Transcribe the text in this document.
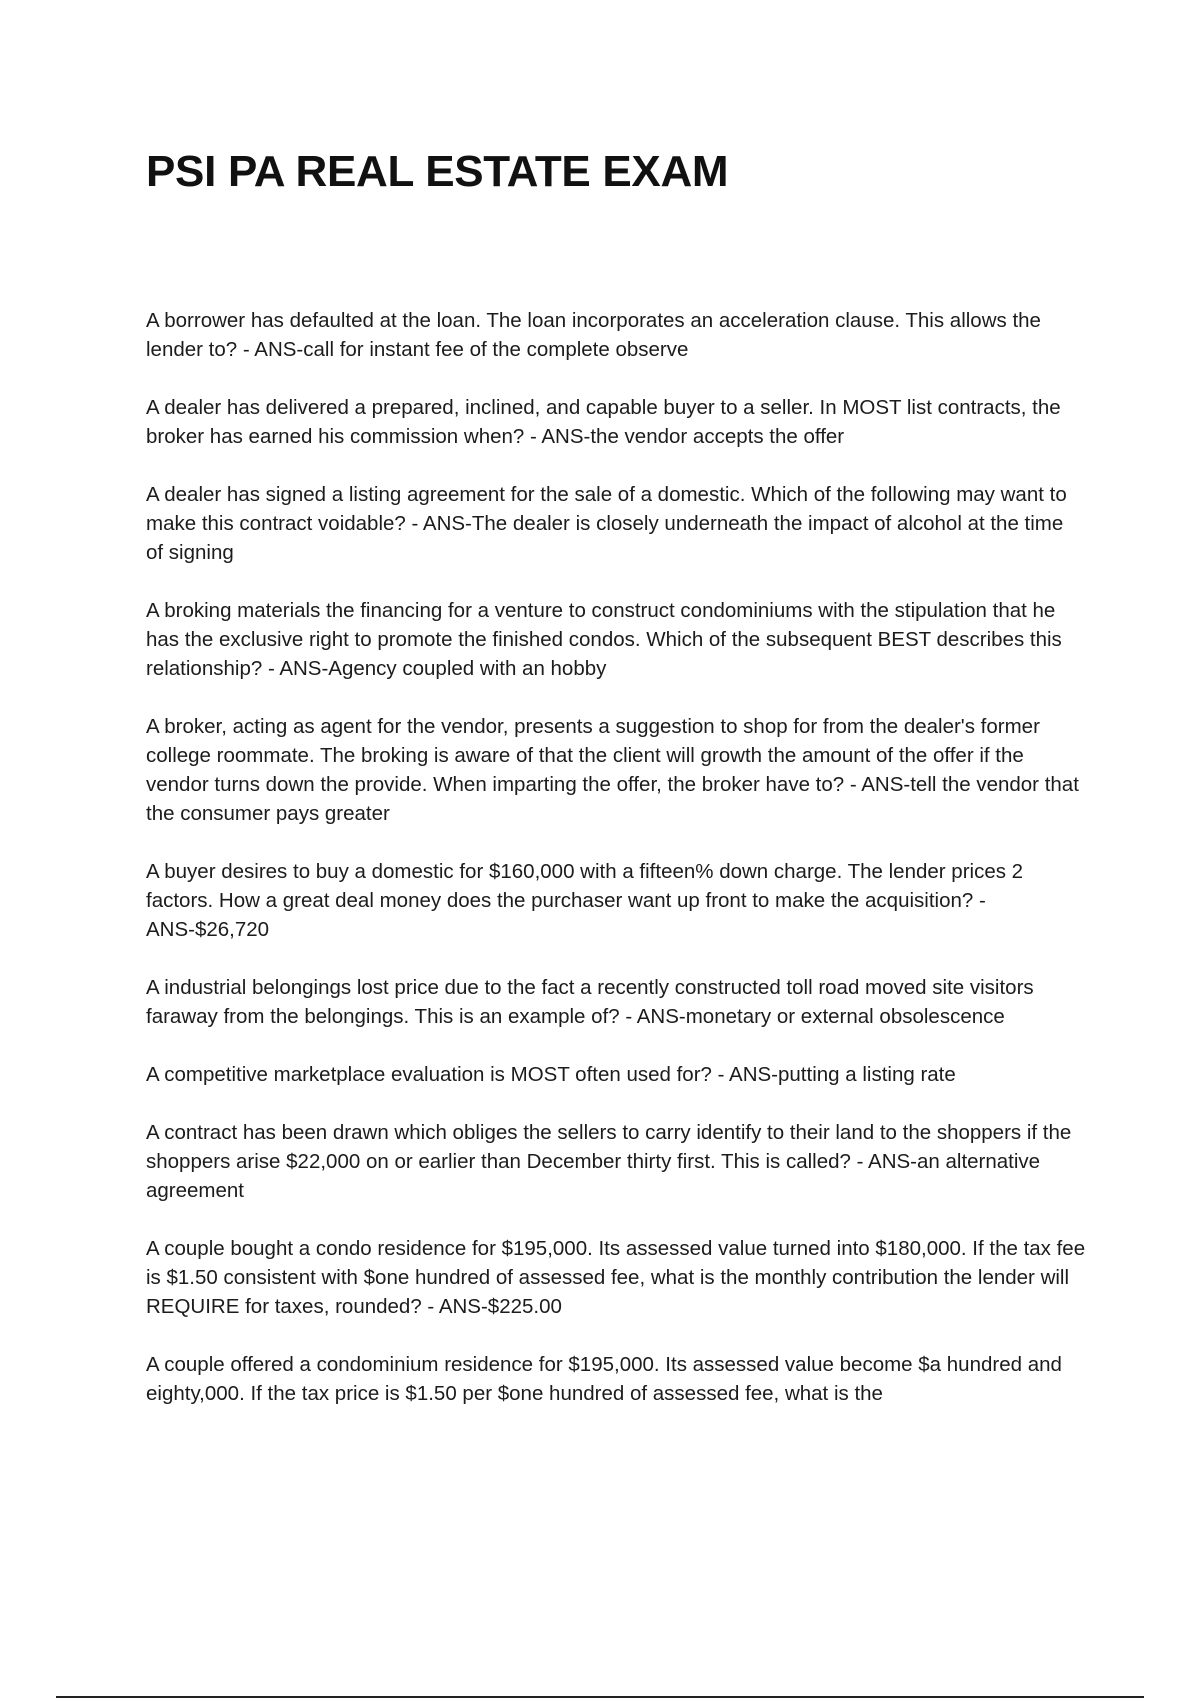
PSI PA REAL ESTATE EXAM

A borrower has defaulted at the loan. The loan incorporates an acceleration clause. This allows the lender to? - ANS-call for instant fee of the complete observe

A dealer has delivered a prepared, inclined, and capable buyer to a seller. In MOST list contracts, the broker has earned his commission when? - ANS-the vendor accepts the offer

A dealer has signed a listing agreement for the sale of a domestic. Which of the following may want to make this contract voidable? - ANS-The dealer is closely underneath the impact of alcohol at the time of signing

A broking materials the financing for a venture to construct condominiums with the stipulation that he has the exclusive right to promote the finished condos. Which of the subsequent BEST describes this relationship? - ANS-Agency coupled with an hobby

A broker, acting as agent for the vendor, presents a suggestion to shop for from the dealer's former college roommate. The broking is aware of that the client will growth the amount of the offer if the vendor turns down the provide. When imparting the offer, the broker have to? - ANS-tell the vendor that the consumer pays greater

A buyer desires to buy a domestic for $160,000 with a fifteen% down charge. The lender prices 2 factors. How a great deal money does the purchaser want up front to make the acquisition? - ANS-$26,720

A industrial belongings lost price due to the fact a recently constructed toll road moved site visitors faraway from the belongings. This is an example of? - ANS-monetary or external obsolescence

A competitive marketplace evaluation is MOST often used for? - ANS-putting a listing rate

A contract has been drawn which obliges the sellers to carry identify to their land to the shoppers if the shoppers arise $22,000 on or earlier than December thirty first. This is called? - ANS-an alternative agreement

A couple bought a condo residence for $195,000. Its assessed value turned into $180,000. If the tax fee is $1.50 consistent with $one hundred of assessed fee, what is the monthly contribution the lender will REQUIRE for taxes, rounded? - ANS-$225.00

A couple offered a condominium residence for $195,000. Its assessed value become $a hundred and eighty,000. If the tax price is $1.50 per $one hundred of assessed fee, what is the
